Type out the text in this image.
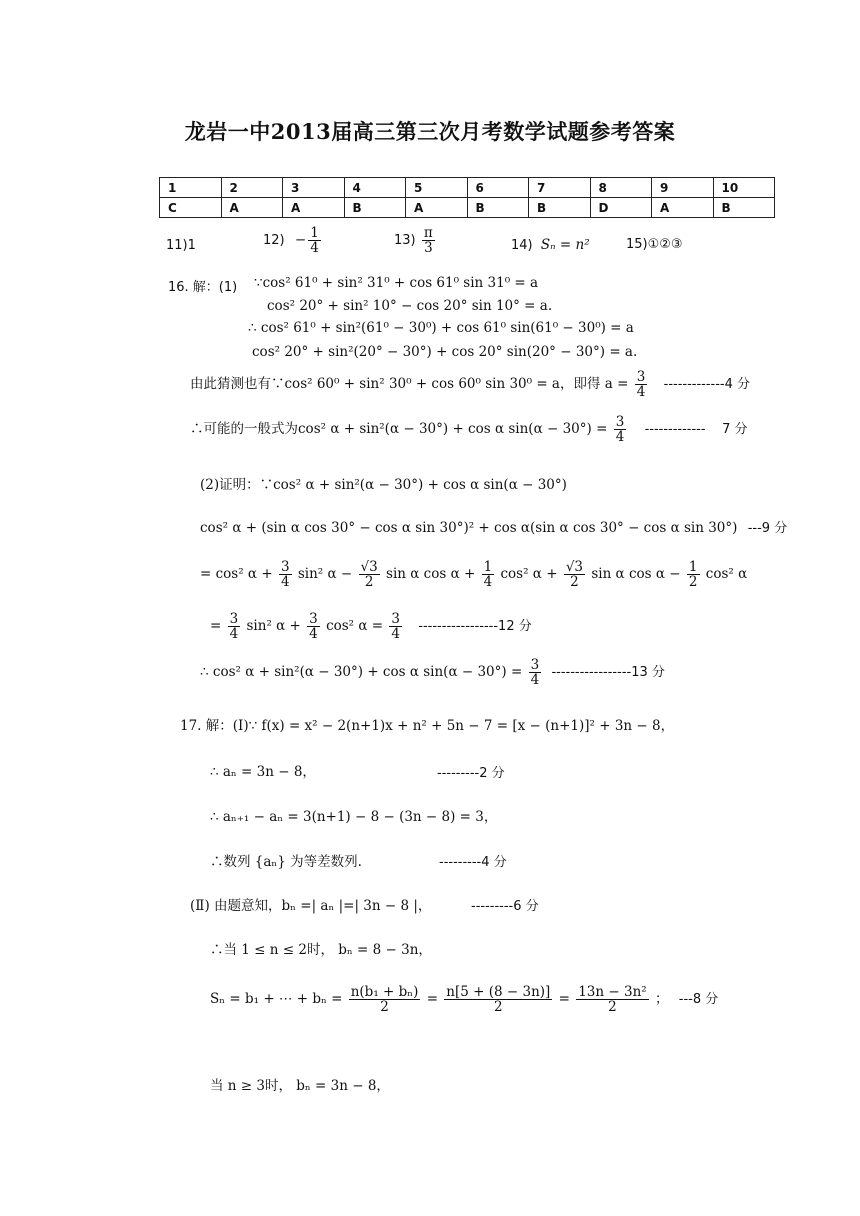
龙岩一中2013届高三第三次月考数学试题参考答案
1	2	3	4	5	6	7	8	9	10
C	A	A	B	A	B	B	D	A	B
11)1	$12) - \frac{1}{4}$	$13) \frac{\pi}{3}$	14) Sₙ = n²	15)①②③
16. 解：(1) ∵cos² 61⁰ + sin² 31⁰ + cos 61⁰ sin 31⁰ = a
cos² 20° + sin² 10° − cos 20° sin 10° = a.
∴ cos² 61⁰ + sin²(61⁰ − 30⁰) + cos 61⁰ sin(61⁰ − 30⁰) = a
cos² 20° + sin²(20° − 30°) + cos 20° sin(20° − 30°) = a.
由此猜测也有∵cos² 60⁰ + sin² 30⁰ + cos 60⁰ sin 30⁰ = a，即得 $a = \frac{3}{4} -------------4$ 分
∴可能的一般式为cos² α + sin²(α − 30°) + cos α $\sin(\alpha - 30^\circ) = \frac{3}{4}$ -------------    7 分
(2)证明：∵cos² α + sin²(α − 30°) + cos α sin(α − 30°)
cos² α + (sin α cos 30° − cos α sin 30°)² + cos α(sin α cos 30° − cos α sin 30°) ---9 分
= cos² $\alpha + \frac{3}{4} \sin^2$ $\alpha - \frac{√3}{2}$ sin α $\cos \alpha + \frac{1}{4} \cos^2$ $\alpha + \frac{√3}{2}$ sin α $\cos \alpha - \frac{1}{2} \cos^2$ α
= $\frac{3}{4} \sin^2$ $\alpha + \frac{3}{4} \cos^2$ $\alpha = \frac{3}{4} -----------------12$ 分
∴ cos² α + sin²(α − 30°) + cos α $\sin(\alpha - 30^\circ) = \frac{3}{4} -----------------13$ 分
17. 解：(Ⅰ)∵ f(x) = x² − 2(n+1)x + n² + 5n − 7 = [x − (n+1)]² + 3n − 8，
∴ aₙ = 3n − 8，	---------2 分
∴ aₙ₊₁ − aₙ = 3(n+1) − 8 − (3n − 8) = 3，
∴数列 {aₙ} 为等差数列.	---------4 分
(Ⅱ) 由题意知，bₙ =| aₙ |=| 3n − 8 |，	---------6 分
∴当 1 ≤ n ≤ 2时， bₙ = 8 − 3n，
Sₙ = b₁ + ⋯ + $b_n = \frac{\text{n(b₁ + bₙ)}}{2} = \frac{n[5 + (8 - 3n)]}{2} = \frac{\text{13n − 3n²}}{2}$ ； ---8 分
当 n ≥ 3时， bₙ = 3n − 8，
